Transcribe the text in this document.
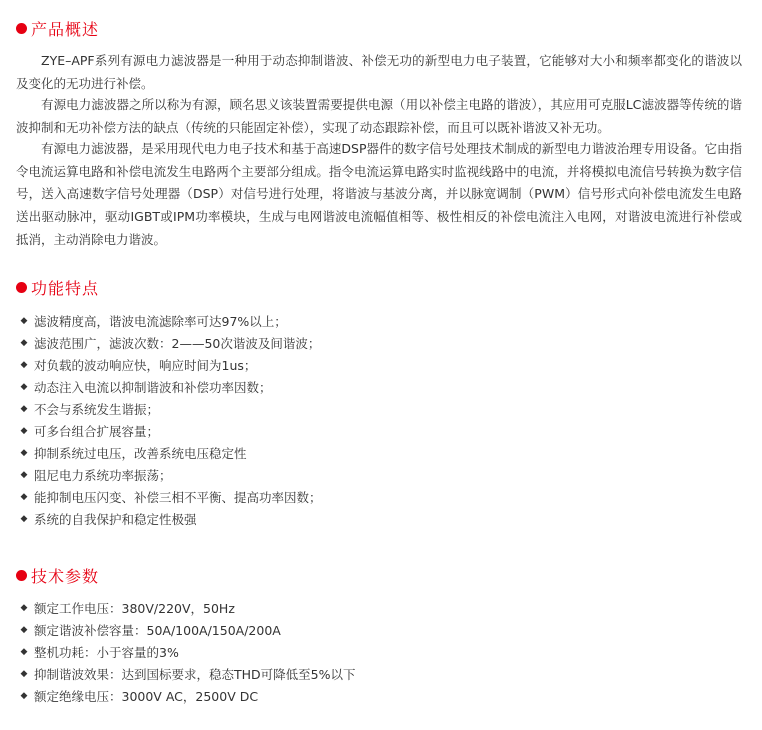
产品概述

ZYE–APF系列有源电力滤波器是一种用于动态抑制谐波、补偿无功的新型电力电子装置，它能够对大小和频率都变化的谐波以及变化的无功进行补偿。

有源电力滤波器之所以称为有源，顾名思义该装置需要提供电源（用以补偿主电路的谐波），其应用可克服LC滤波器等传统的谐波抑制和无功补偿方法的缺点（传统的只能固定补偿），实现了动态跟踪补偿，而且可以既补谐波又补无功。

有源电力滤波器，是采用现代电力电子技术和基于高速DSP器件的数字信号处理技术制成的新型电力谐波治理专用设备。它由指令电流运算电路和补偿电流发生电路两个主要部分组成。指令电流运算电路实时监视线路中的电流，并将模拟电流信号转换为数字信号，送入高速数字信号处理器（DSP）对信号进行处理，将谐波与基波分离，并以脉宽调制（PWM）信号形式向补偿电流发生电路送出驱动脉冲，驱动IGBT或IPM功率模块，生成与电网谐波电流幅值相等、极性相反的补偿电流注入电网，对谐波电流进行补偿或抵消，主动消除电力谐波。

功能特点
◆ 滤波精度高，谐波电流滤除率可达97%以上；
◆ 滤波范围广，滤波次数：2——50次谐波及间谐波；
◆ 对负载的波动响应快，响应时间为1us；
◆ 动态注入电流以抑制谐波和补偿功率因数；
◆ 不会与系统发生谐振；
◆ 可多台组合扩展容量；
◆ 抑制系统过电压，改善系统电压稳定性
◆ 阻尼电力系统功率振荡；
◆ 能抑制电压闪变、补偿三相不平衡、提高功率因数；
◆ 系统的自我保护和稳定性极强
技术参数
◆ 额定工作电压：380V/220V，50Hz
◆ 额定谐波补偿容量：50A/100A/150A/200A
◆ 整机功耗：小于容量的3%
◆ 抑制谐波效果：达到国标要求，稳态THD可降低至5%以下
◆ 额定绝缘电压：3000V AC，2500V DC
